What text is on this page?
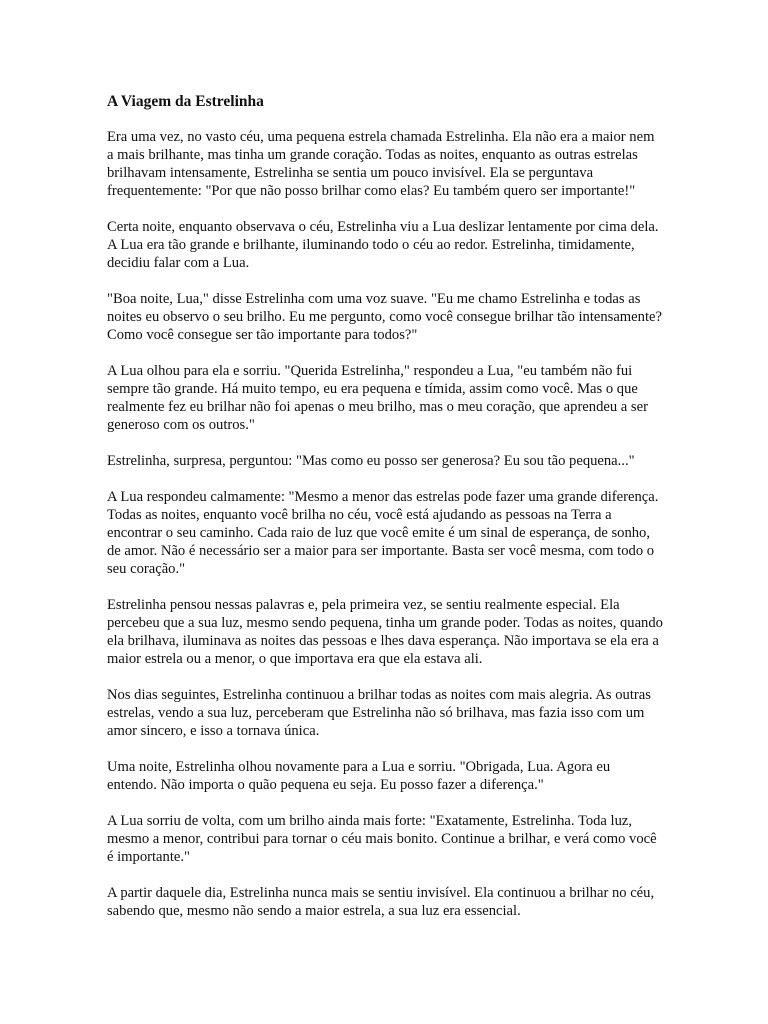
A Viagem da Estrelinha

Era uma vez, no vasto céu, uma pequena estrela chamada Estrelinha. Ela não era a maior nem a mais brilhante, mas tinha um grande coração. Todas as noites, enquanto as outras estrelas brilhavam intensamente, Estrelinha se sentia um pouco invisível. Ela se perguntava frequentemente: "Por que não posso brilhar como elas? Eu também quero ser importante!"

Certa noite, enquanto observava o céu, Estrelinha viu a Lua deslizar lentamente por cima dela. A Lua era tão grande e brilhante, iluminando todo o céu ao redor. Estrelinha, timidamente, decidiu falar com a Lua.

"Boa noite, Lua," disse Estrelinha com uma voz suave. "Eu me chamo Estrelinha e todas as noites eu observo o seu brilho. Eu me pergunto, como você consegue brilhar tão intensamente? Como você consegue ser tão importante para todos?"

A Lua olhou para ela e sorriu. "Querida Estrelinha," respondeu a Lua, "eu também não fui sempre tão grande. Há muito tempo, eu era pequena e tímida, assim como você. Mas o que realmente fez eu brilhar não foi apenas o meu brilho, mas o meu coração, que aprendeu a ser generoso com os outros."

Estrelinha, surpresa, perguntou: "Mas como eu posso ser generosa? Eu sou tão pequena..."

A Lua respondeu calmamente: "Mesmo a menor das estrelas pode fazer uma grande diferença. Todas as noites, enquanto você brilha no céu, você está ajudando as pessoas na Terra a encontrar o seu caminho. Cada raio de luz que você emite é um sinal de esperança, de sonho, de amor. Não é necessário ser a maior para ser importante. Basta ser você mesma, com todo o seu coração."

Estrelinha pensou nessas palavras e, pela primeira vez, se sentiu realmente especial. Ela percebeu que a sua luz, mesmo sendo pequena, tinha um grande poder. Todas as noites, quando ela brilhava, iluminava as noites das pessoas e lhes dava esperança. Não importava se ela era a maior estrela ou a menor, o que importava era que ela estava ali.

Nos dias seguintes, Estrelinha continuou a brilhar todas as noites com mais alegria. As outras estrelas, vendo a sua luz, perceberam que Estrelinha não só brilhava, mas fazia isso com um amor sincero, e isso a tornava única.

Uma noite, Estrelinha olhou novamente para a Lua e sorriu. "Obrigada, Lua. Agora eu entendo. Não importa o quão pequena eu seja. Eu posso fazer a diferença."

A Lua sorriu de volta, com um brilho ainda mais forte: "Exatamente, Estrelinha. Toda luz, mesmo a menor, contribui para tornar o céu mais bonito. Continue a brilhar, e verá como você é importante."

A partir daquele dia, Estrelinha nunca mais se sentiu invisível. Ela continuou a brilhar no céu, sabendo que, mesmo não sendo a maior estrela, a sua luz era essencial.
